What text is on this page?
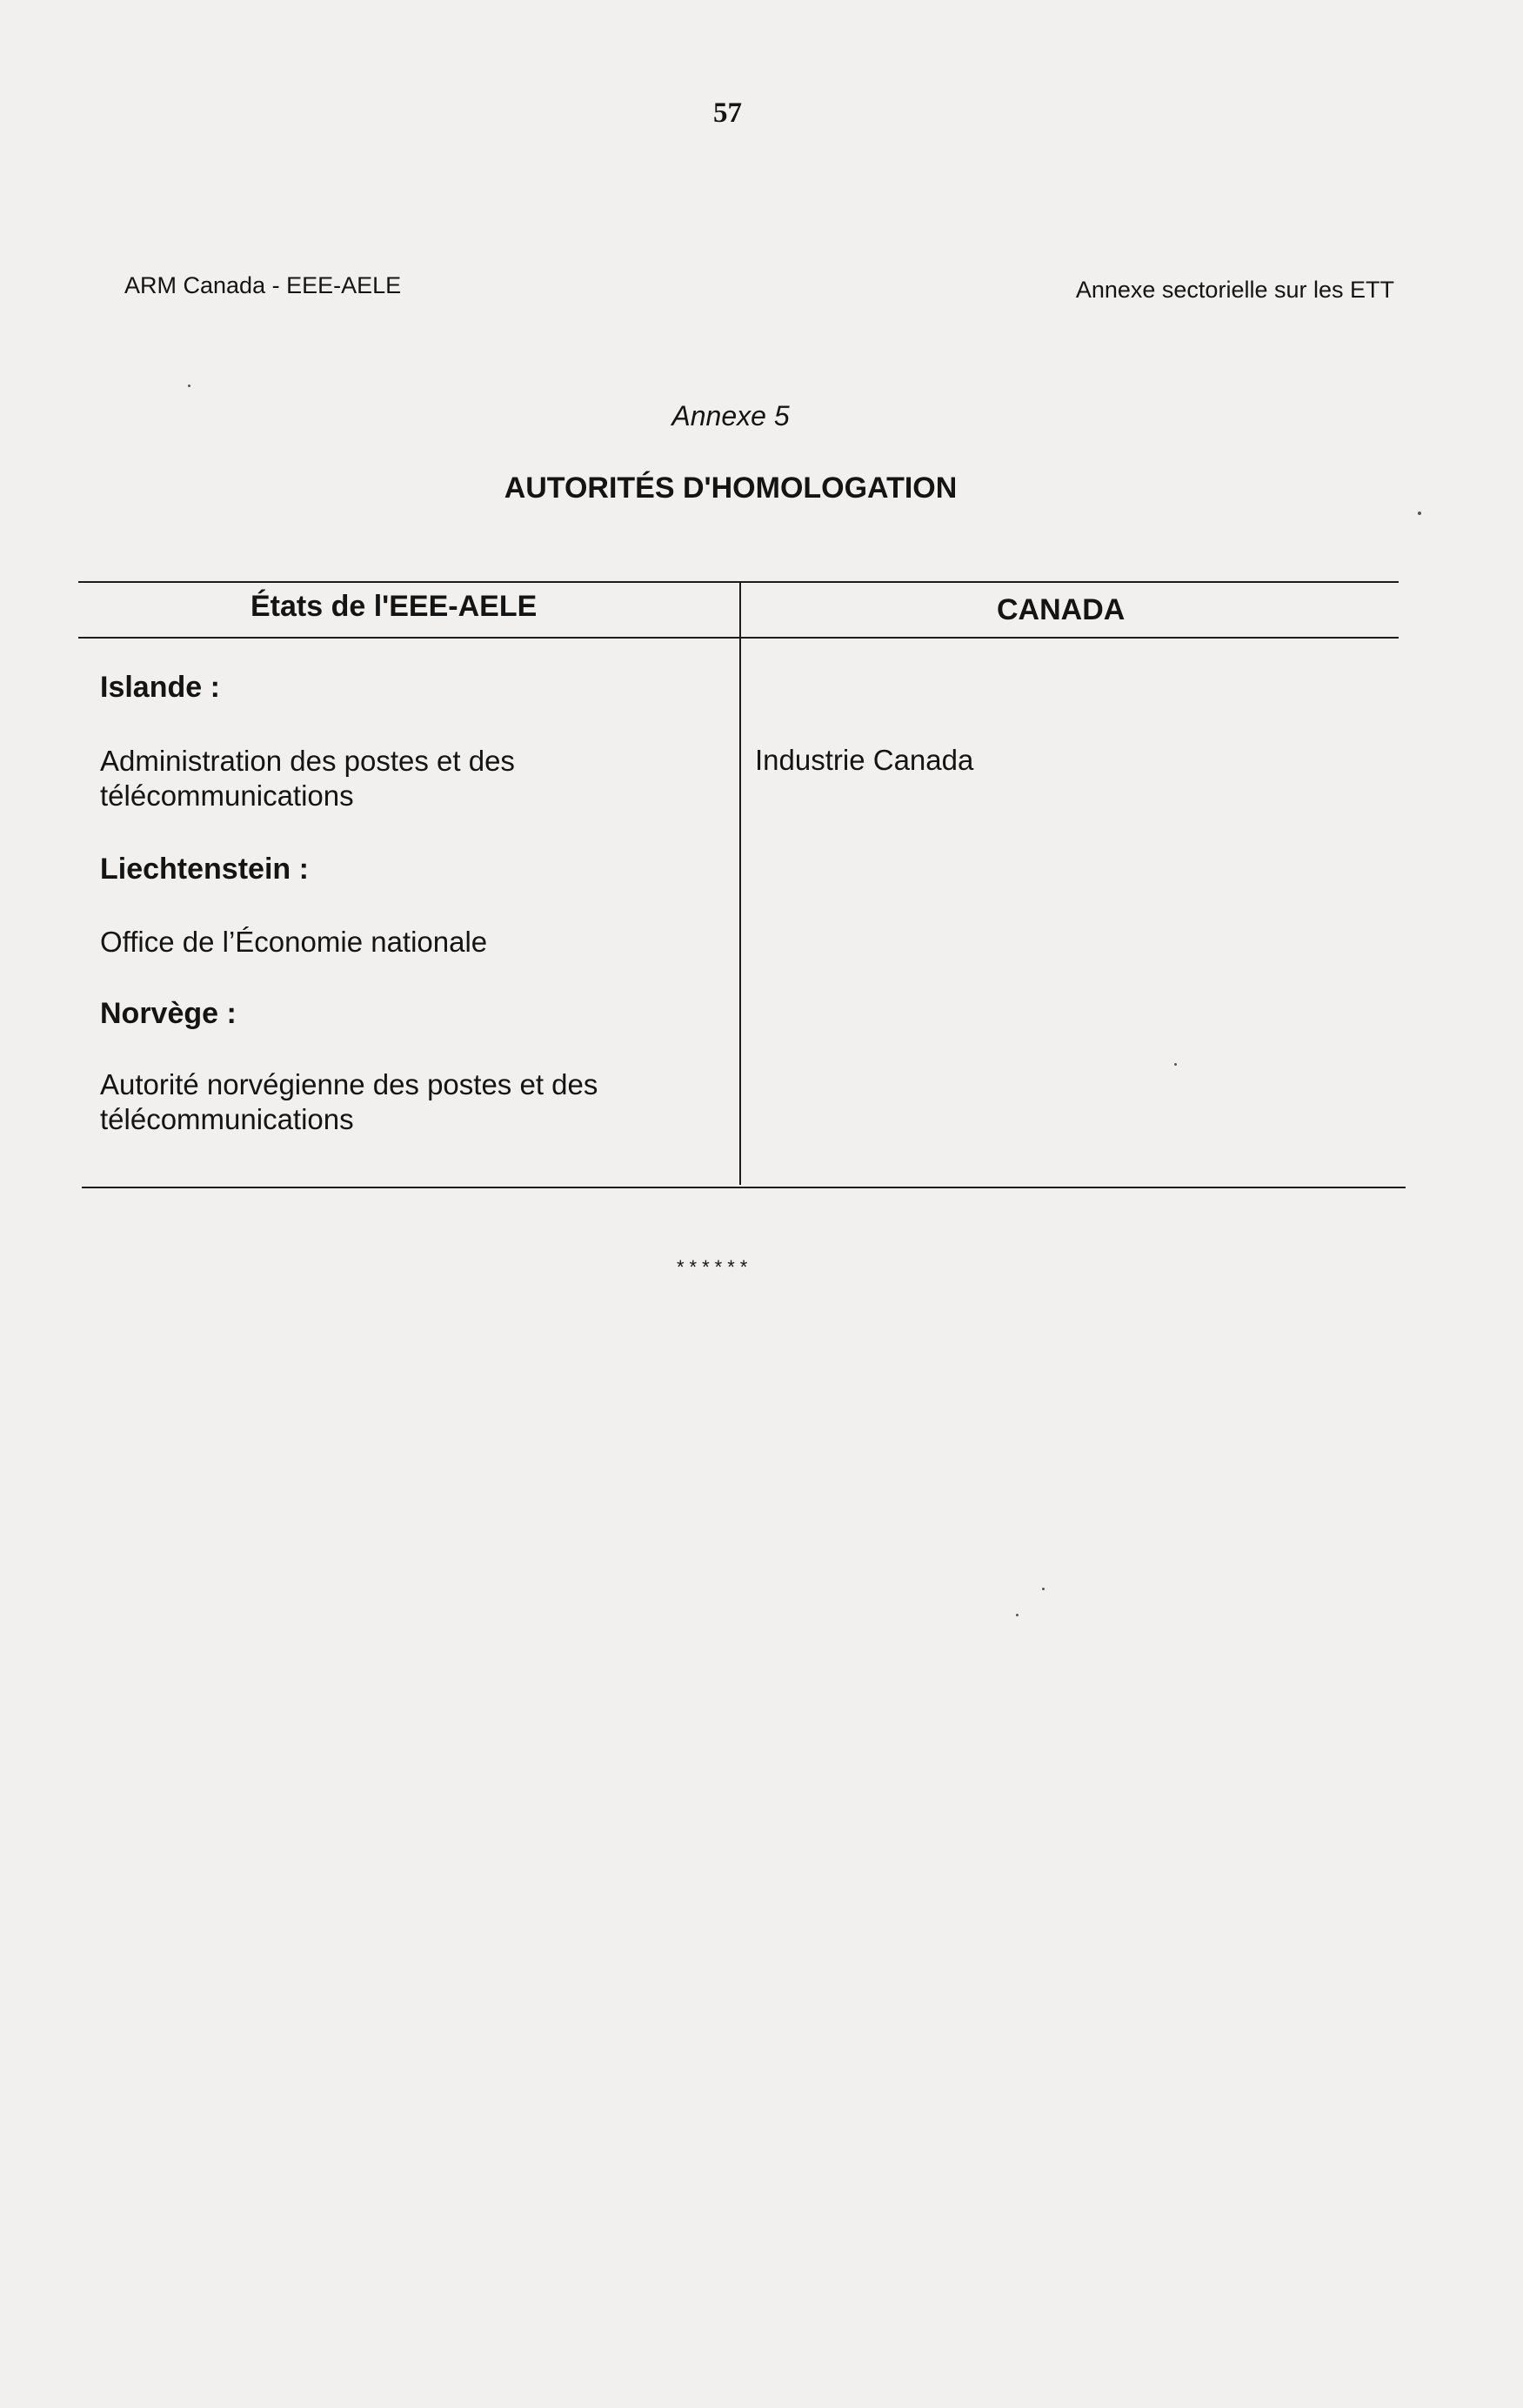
57
ARM Canada - EEE-AELE	Annexe sectorielle sur les ETT
Annexe 5
AUTORITÉS D'HOMOLOGATION
États de l'EEE-AELE	CANADA
Islande :
Administration des postes et des télécommunications
Liechtenstein :
Office de l’Économie nationale
Norvège :
Autorité norvégienne des postes et des télécommunications
Industrie Canada
******
